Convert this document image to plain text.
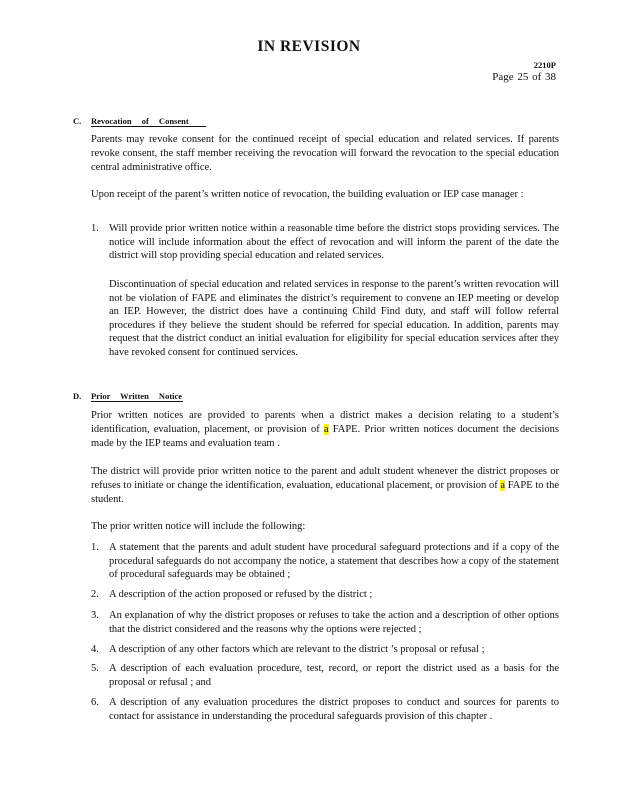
IN REVISION
2210P
Page 25 of 38
C. Revocation of Consent

Parents may revoke consent for the continued receipt of special education and related services. If parents revoke consent, the staff member receiving the revocation will forward the revocation to the special education central administrative office.

Upon receipt of the parent’s written notice of revocation, the building evaluation or IEP case manager :

1. Will provide prior written notice within a reasonable time before the district stops providing services. The notice will include information about the effect of revocation and will inform the parent of the date the district will stop providing special education and related services.

Discontinuation of special education and related services in response to the parent’s written revocation will not be violation of FAPE and eliminates the district’s requirement to convene an IEP meeting or develop an IEP. However, the district does have a continuing Child Find duty, and staff will follow referral procedures if they believe the student should be referred for special education. In addition, parents may request that the district conduct an initial evaluation for eligibility for special education services after they have revoked consent for continued services.

D. Prior Written Notice

Prior written notices are provided to parents when a district makes a decision relating to a student’s identification, evaluation, placement, or provision of a FAPE. Prior written notices document the decisions made by the IEP teams and evaluation team .

The district will provide prior written notice to the parent and adult student whenever the district proposes or refuses to initiate or change the identification, evaluation, educational placement, or provision of a FAPE to the student.

The prior written notice will include the following:

1. A statement that the parents and adult student have procedural safeguard protections and if a copy of the procedural safeguards do not accompany the notice, a statement that describes how a copy of the statement of procedural safeguards may be obtained ;
2. A description of the action proposed or refused by the district ;
3. An explanation of why the district proposes or refuses to take the action and a description of other options that the district considered and the reasons why the options were rejected ;
4. A description of any other factors which are relevant to the district ’s proposal or refusal ;
5. A description of each evaluation procedure, test, record, or report the district used as a basis for the proposal or refusal ; and
6. A description of any evaluation procedures the district proposes to conduct and sources for parents to contact for assistance in understanding the procedural safeguards provision of this chapter .
